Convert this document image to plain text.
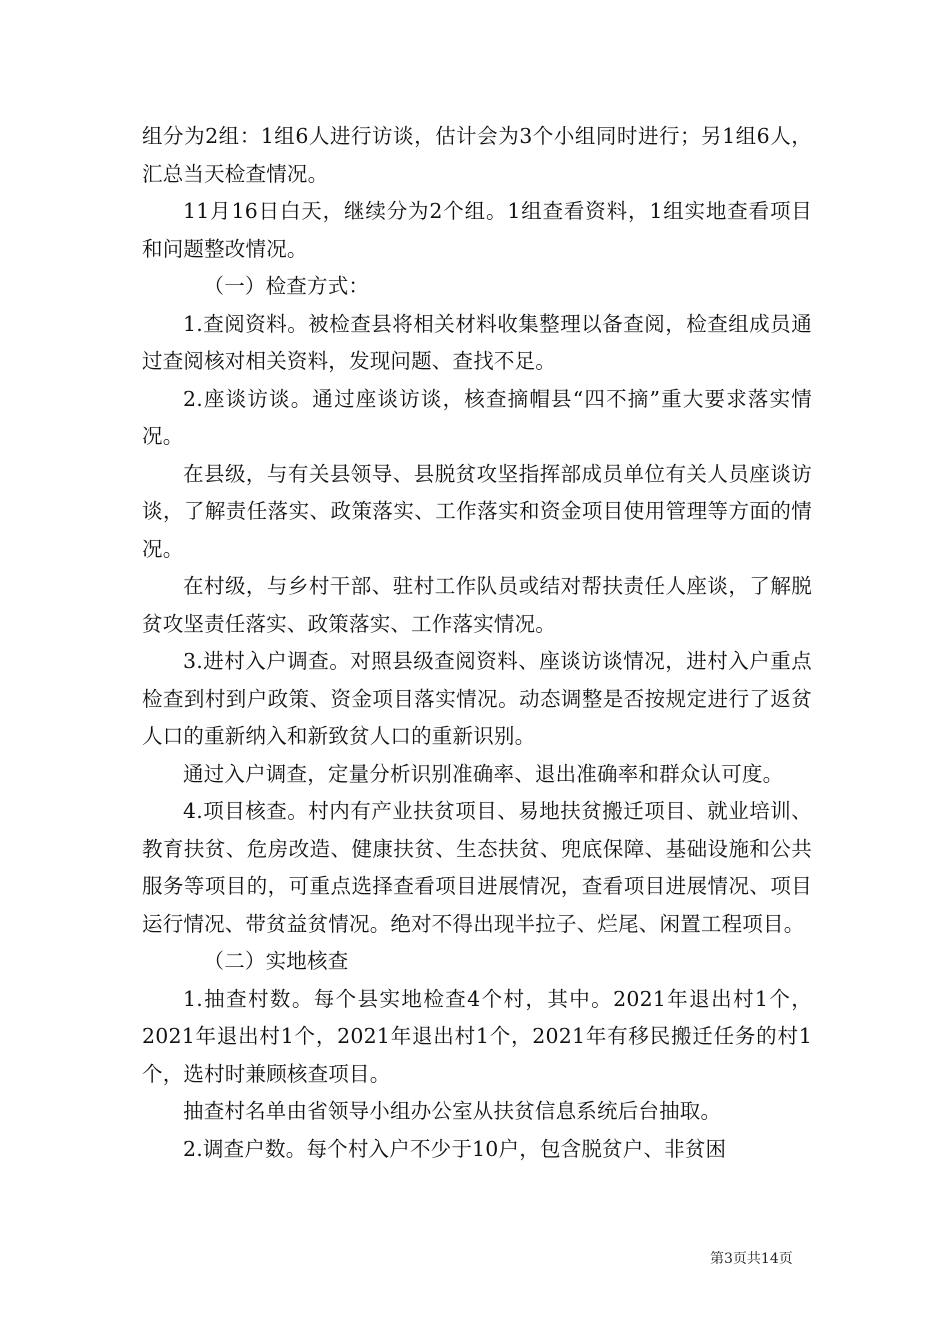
组分为2组：1组6人进行访谈，估计会为3个小组同时进行；另1组6人，汇总当天检查情况。

11月16日白天，继续分为2个组。1组查看资料，1组实地查看项目和问题整改情况。

（一）检查方式：

1.查阅资料。被检查县将相关材料收集整理以备查阅，检查组成员通过查阅核对相关资料，发现问题、查找不足。

2.座谈访谈。通过座谈访谈，核查摘帽县“四不摘”重大要求落实情况。

在县级，与有关县领导、县脱贫攻坚指挥部成员单位有关人员座谈访谈，了解责任落实、政策落实、工作落实和资金项目使用管理等方面的情况。

在村级，与乡村干部、驻村工作队员或结对帮扶责任人座谈，了解脱贫攻坚责任落实、政策落实、工作落实情况。

3.进村入户调查。对照县级查阅资料、座谈访谈情况，进村入户重点检查到村到户政策、资金项目落实情况。动态调整是否按规定进行了返贫人口的重新纳入和新致贫人口的重新识别。

通过入户调查，定量分析识别准确率、退出准确率和群众认可度。

4.项目核查。村内有产业扶贫项目、易地扶贫搬迁项目、就业培训、教育扶贫、危房改造、健康扶贫、生态扶贫、兜底保障、基础设施和公共服务等项目的，可重点选择查看项目进展情况，查看项目进展情况、项目运行情况、带贫益贫情况。绝对不得出现半拉子、烂尾、闲置工程项目。

（二）实地核查

1.抽查村数。每个县实地检查4个村，其中。2021年退出村1个，2021年退出村1个，2021年退出村1个，2021年有移民搬迁任务的村1个，选村时兼顾核查项目。

抽查村名单由省领导小组办公室从扶贫信息系统后台抽取。

2.调查户数。每个村入户不少于10户，包含脱贫户、非贫困

第3页共14页
